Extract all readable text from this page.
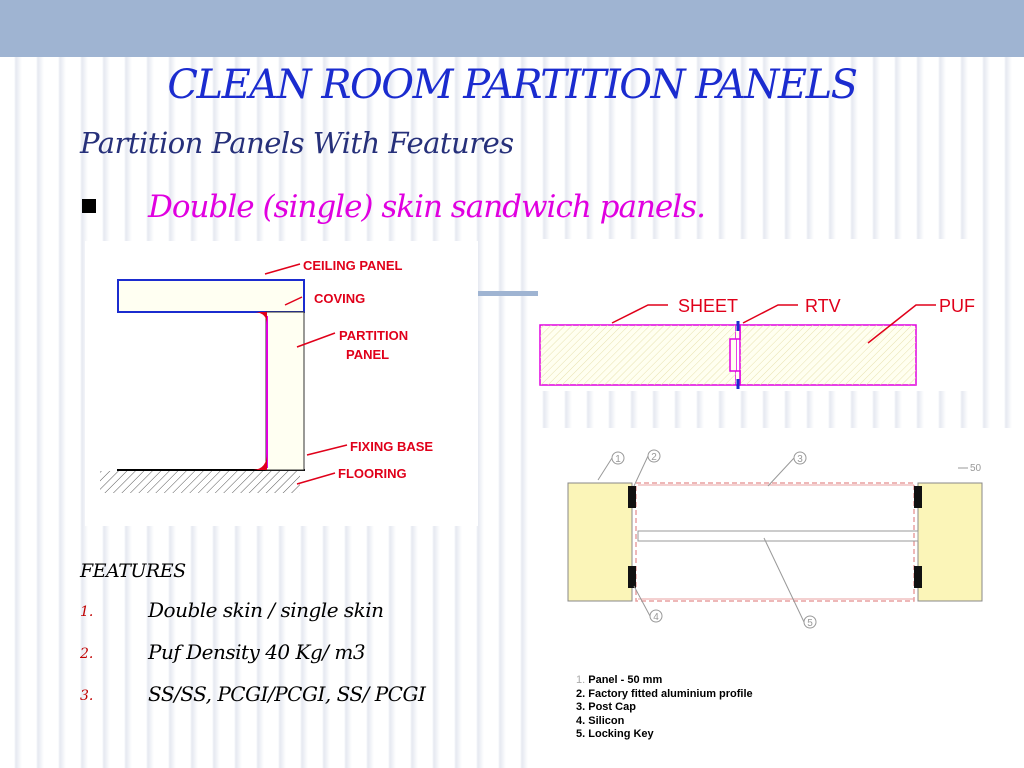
CLEAN ROOM PARTITION PANELS
Partition Panels With Features
Double (single) skin sandwich panels.
CEILING PANEL
COVING
PARTITION
PANEL
FIXING BASE
FLOORING
SHEET	RTV	PUF
1	2	3
4
5
50
1. Panel - 50 mm
2. Factory fitted aluminium profile
3. Post Cap
4. Silicon
5. Locking Key
FEATURES
1.	Double skin / single skin
2.	Puf Density 40 Kg/ m3
3.	SS/SS, PCGI/PCGI, SS/ PCGI
